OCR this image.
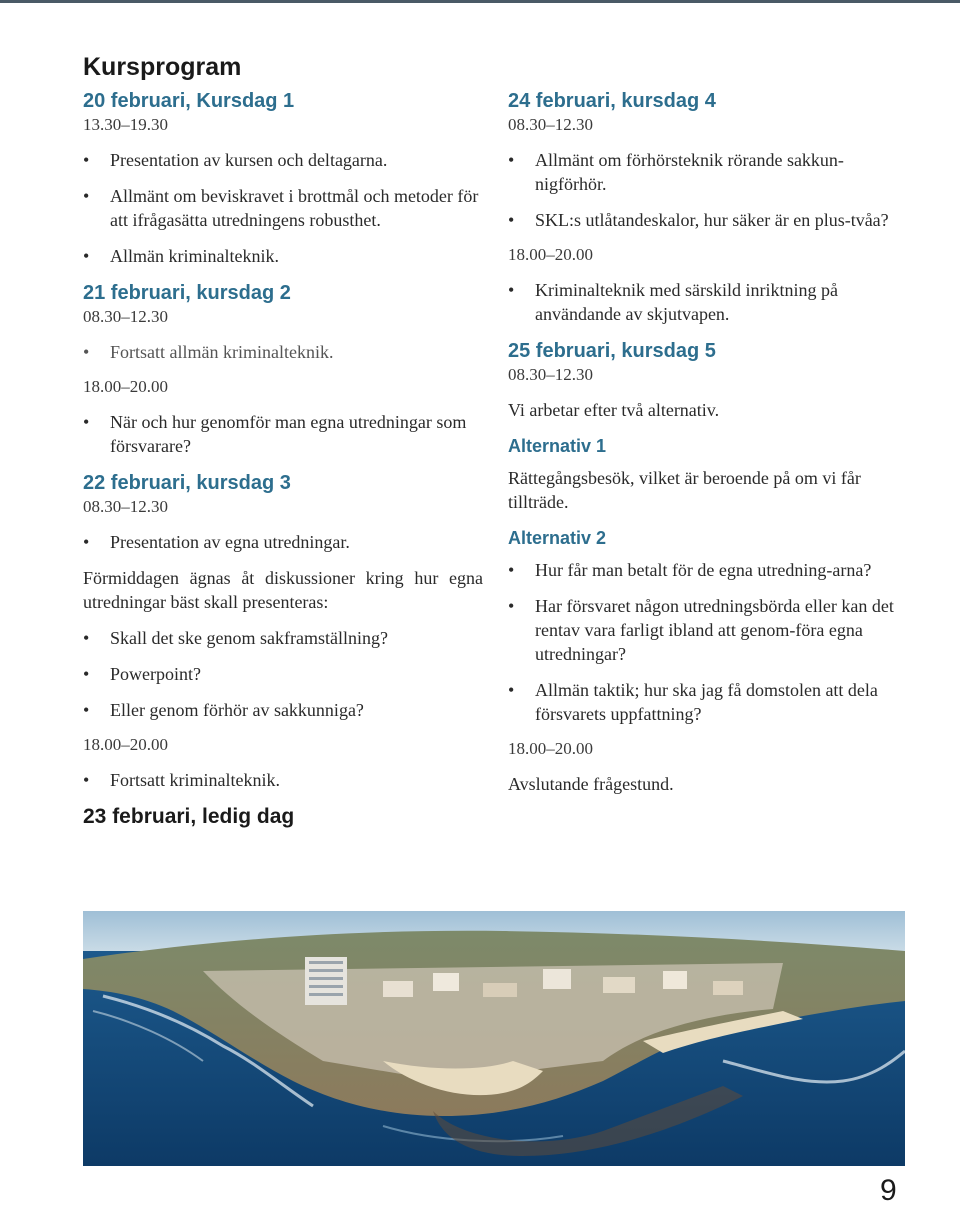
Kursprogram
20 februari, Kursdag 1

13.30–19.30

• Presentation av kursen och deltagarna.
• Allmänt om beviskravet i brottmål och metoder för att ifrågasätta utredningens robusthet.
• Allmän kriminalteknik.
21 februari, kursdag 2

08.30–12.30

• Fortsatt allmän kriminalteknik.

18.00–20.00

• När och hur genomför man egna utredningar som försvarare?
22 februari, kursdag 3

08.30–12.30

• Presentation av egna utredningar.

Förmiddagen ägnas åt diskussioner kring hur egna utredningar bäst skall presenteras:

• Skall det ske genom sakframställning?
• Powerpoint?
• Eller genom förhör av sakkunniga?

18.00–20.00

• Fortsatt kriminalteknik.
23 februari, ledig dag
24 februari, kursdag 4

08.30–12.30

• Allmänt om förhörsteknik rörande sakkun-nigförhör.
• SKL:s utlåtandeskalor, hur säker är en plus-tvåa?

18.00–20.00

• Kriminalteknik med särskild inriktning på användande av skjutvapen.
25 februari, kursdag 5

08.30–12.30

Vi arbetar efter två alternativ.

Alternativ 1

Rättegångsbesök, vilket är beroende på om vi får tillträde.

Alternativ 2
• Hur får man betalt för de egna utredning-arna?
• Har försvaret någon utredningsbörda eller kan det rentav vara farligt ibland att genom-föra egna utredningar?
• Allmän taktik; hur ska jag få domstolen att dela försvarets uppfattning?

18.00–20.00

Avslutande frågestund.

9
